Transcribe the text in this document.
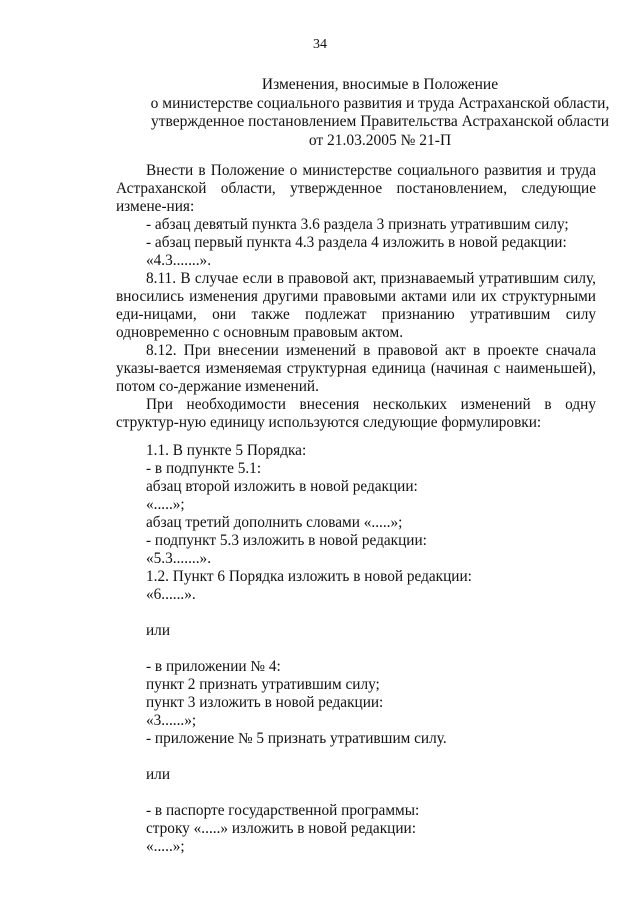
34
Изменения, вносимые в Положение
о министерстве социального развития и труда Астраханской области,
утвержденное постановлением Правительства Астраханской области
от 21.03.2005 № 21-П

Внести в Положение о министерстве социального развития и труда Астраханской области, утвержденное постановлением, следующие измене-ния:

- абзац девятый пункта 3.6 раздела 3 признать утратившим силу;

- абзац первый пункта 4.3 раздела 4 изложить в новой редакции:

«4.3.......».

8.11. В случае если в правовой акт, признаваемый утратившим силу, вносились изменения другими правовыми актами или их структурными еди-ницами, они также подлежат признанию утратившим силу одновременно с основным правовым актом.

8.12. При внесении изменений в правовой акт в проекте сначала указы-вается изменяемая структурная единица (начиная с наименьшей), потом со-держание изменений.

При необходимости внесения нескольких изменений в одну структур-ную единицу используются следующие формулировки:

1.1. В пункте 5 Порядка:

- в подпункте 5.1:

абзац второй изложить в новой редакции:

«.....»;

абзац третий дополнить словами «.....»;

- подпункт 5.3 изложить в новой редакции:

«5.3.......».

1.2. Пункт 6 Порядка изложить в новой редакции:

«6......».

или

- в приложении № 4:

пункт 2 признать утратившим силу;

пункт 3 изложить в новой редакции:

«3......»;

- приложение № 5 признать утратившим силу.

или

- в паспорте государственной программы:

строку «.....» изложить в новой редакции:

«.....»;
